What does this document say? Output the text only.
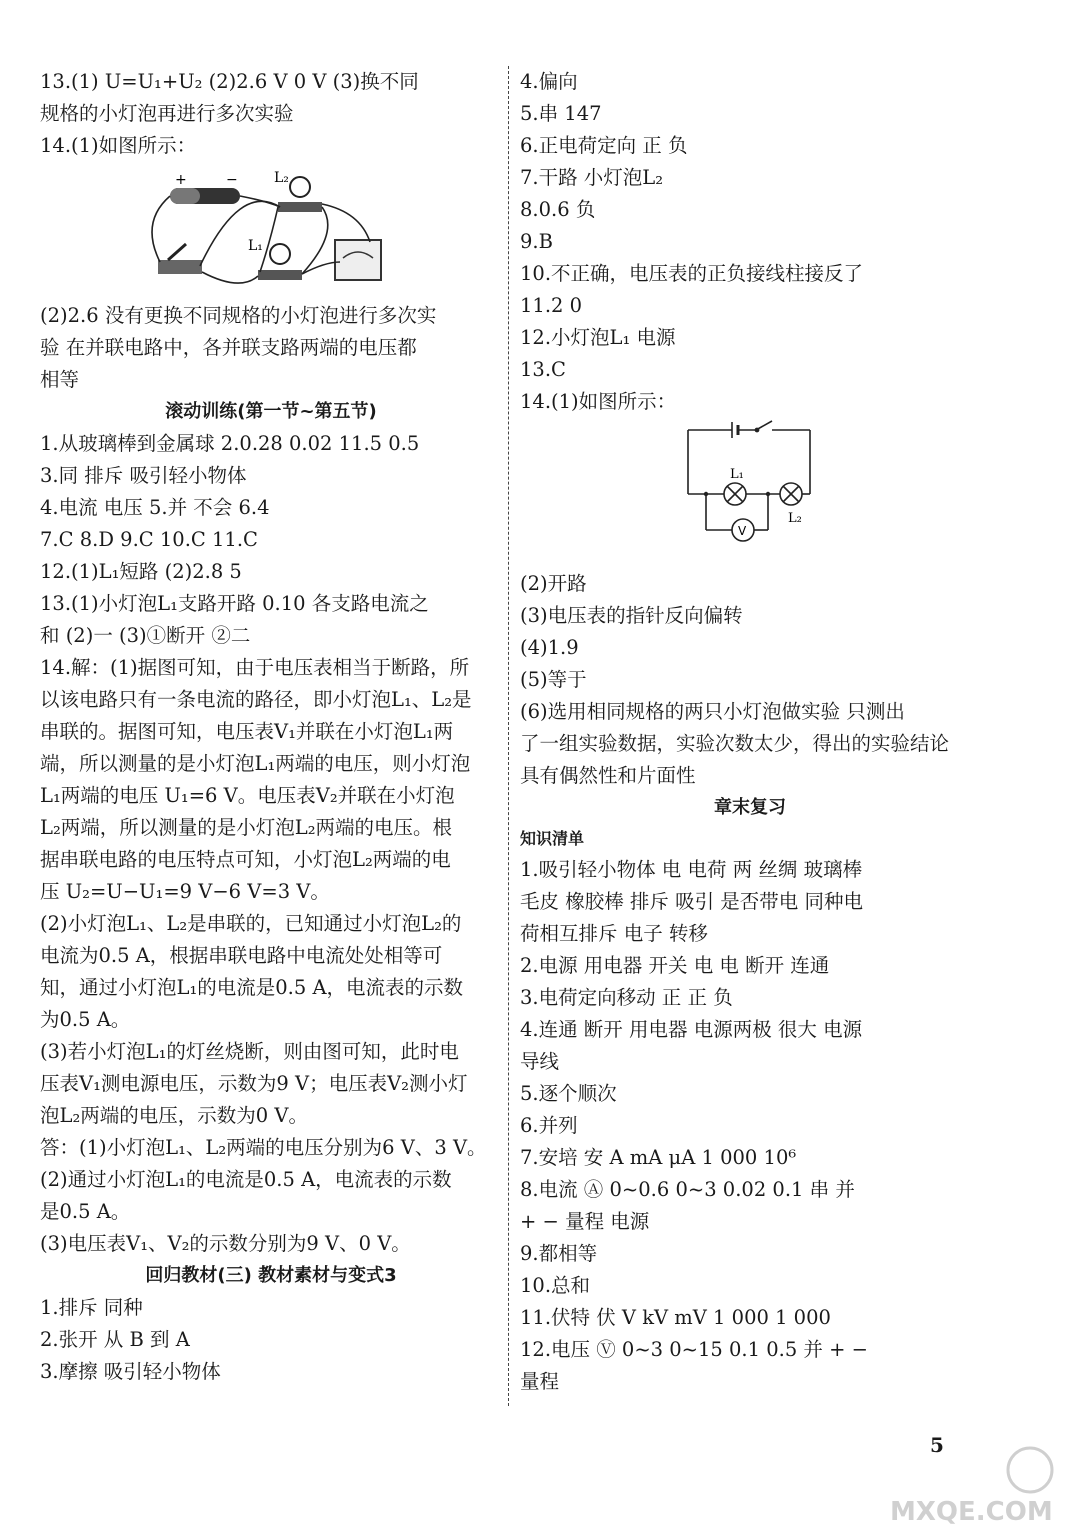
13.(1) U=U₁+U₂ (2)2.6 V 0 V (3)换不同
规格的小灯泡再进行多次实验
14.(1)如图所示：
+	−	L₂
L₁
(2)2.6 没有更换不同规格的小灯泡进行多次实
验 在并联电路中，各并联支路两端的电压都
相等
滚动训练(第一节~第五节)
1.从玻璃棒到金属球 2.0.28 0.02 11.5 0.5
3.同 排斥 吸引轻小物体
4.电流 电压 5.并 不会 6.4
7.C 8.D 9.C 10.C 11.C
12.(1)L₁短路 (2)2.8 5
13.(1)小灯泡L₁支路开路 0.10 各支路电流之
和 (2)一 (3)①断开 ②二
14.解：(1)据图可知，由于电压表相当于断路，所
以该电路只有一条电流的路径，即小灯泡L₁、L₂是
串联的。据图可知，电压表V₁并联在小灯泡L₁两
端，所以测量的是小灯泡L₁两端的电压，则小灯泡
L₁两端的电压 U₁=6 V。电压表V₂并联在小灯泡
L₂两端，所以测量的是小灯泡L₂两端的电压。根
据串联电路的电压特点可知，小灯泡L₂两端的电
压 U₂=U−U₁=9 V−6 V=3 V。
(2)小灯泡L₁、L₂是串联的，已知通过小灯泡L₂的
电流为0.5 A，根据串联电路中电流处处相等可
知，通过小灯泡L₁的电流是0.5 A，电流表的示数
为0.5 A。
(3)若小灯泡L₁的灯丝烧断，则由图可知，此时电
压表V₁测电源电压，示数为9 V；电压表V₂测小灯
泡L₂两端的电压，示数为0 V。
答：(1)小灯泡L₁、L₂两端的电压分别为6 V、3 V。
(2)通过小灯泡L₁的电流是0.5 A，电流表的示数
是0.5 A。
(3)电压表V₁、V₂的示数分别为9 V、0 V。
回归教材(三) 教材素材与变式3
1.排斥 同种
2.张开 从 B 到 A
3.摩擦 吸引轻小物体
4.偏向
5.串 147
6.正电荷定向 正 负
7.干路 小灯泡L₂
8.0.6 负
9.B
10.不正确，电压表的正负接线柱接反了
11.2 0
12.小灯泡L₁ 电源
13.C
14.(1)如图所示：
L₁
L₂
V
(2)开路
(3)电压表的指针反向偏转
(4)1.9
(5)等于
(6)选用相同规格的两只小灯泡做实验 只测出
了一组实验数据，实验次数太少，得出的实验结论
具有偶然性和片面性
章末复习
知识清单
1.吸引轻小物体 电 电荷 两 丝绸 玻璃棒
毛皮 橡胶棒 排斥 吸引 是否带电 同种电
荷相互排斥 电子 转移
2.电源 用电器 开关 电 电 断开 连通
3.电荷定向移动 正 正 负
4.连通 断开 用电器 电源两极 很大 电源
导线
5.逐个顺次
6.并列
7.安培 安 A mA μA 1 000 10⁶
8.电流 Ⓐ 0~0.6 0~3 0.02 0.1 串 并
+ − 量程 电源
9.都相等
10.总和
11.伏特 伏 V kV mV 1 000 1 000
12.电压 Ⓥ 0~3 0~15 0.1 0.5 并 + −
量程
5
MXQE.COM
